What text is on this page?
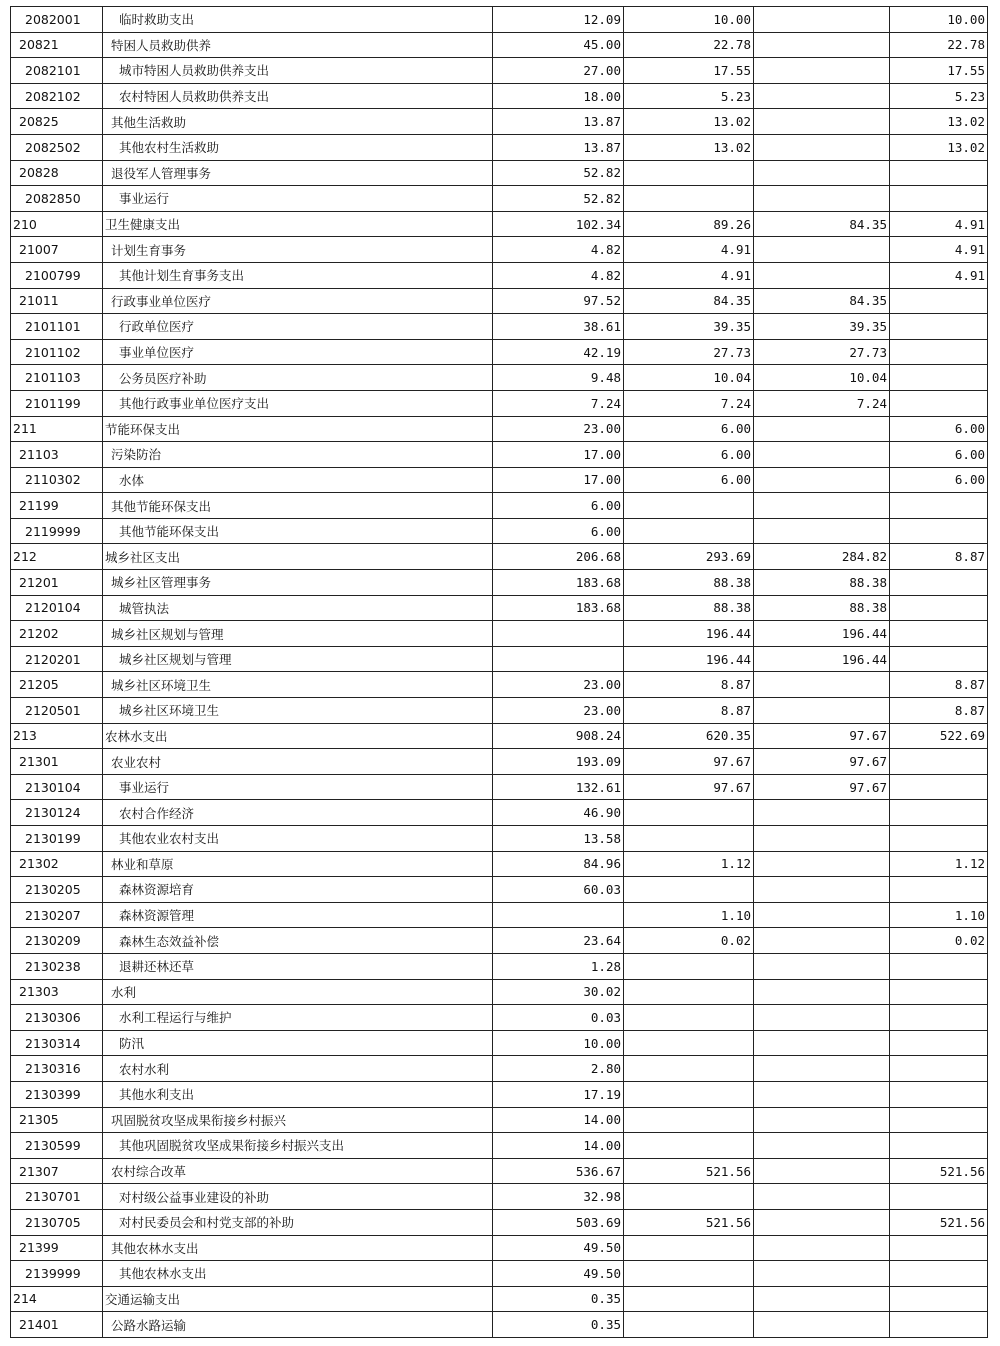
2082001	临时救助支出	12.09	10.00		10.00
20821	特困人员救助供养	45.00	22.78		22.78
2082101	城市特困人员救助供养支出	27.00	17.55		17.55
2082102	农村特困人员救助供养支出	18.00	5.23		5.23
20825	其他生活救助	13.87	13.02		13.02
2082502	其他农村生活救助	13.87	13.02		13.02
20828	退役军人管理事务	52.82			
2082850	事业运行	52.82			
210	卫生健康支出	102.34	89.26	84.35	4.91
21007	计划生育事务	4.82	4.91		4.91
2100799	其他计划生育事务支出	4.82	4.91		4.91
21011	行政事业单位医疗	97.52	84.35	84.35	
2101101	行政单位医疗	38.61	39.35	39.35	
2101102	事业单位医疗	42.19	27.73	27.73	
2101103	公务员医疗补助	9.48	10.04	10.04	
2101199	其他行政事业单位医疗支出	7.24	7.24	7.24	
211	节能环保支出	23.00	6.00		6.00
21103	污染防治	17.00	6.00		6.00
2110302	水体	17.00	6.00		6.00
21199	其他节能环保支出	6.00			
2119999	其他节能环保支出	6.00			
212	城乡社区支出	206.68	293.69	284.82	8.87
21201	城乡社区管理事务	183.68	88.38	88.38	
2120104	城管执法	183.68	88.38	88.38	
21202	城乡社区规划与管理		196.44	196.44	
2120201	城乡社区规划与管理		196.44	196.44	
21205	城乡社区环境卫生	23.00	8.87		8.87
2120501	城乡社区环境卫生	23.00	8.87		8.87
213	农林水支出	908.24	620.35	97.67	522.69
21301	农业农村	193.09	97.67	97.67	
2130104	事业运行	132.61	97.67	97.67	
2130124	农村合作经济	46.90			
2130199	其他农业农村支出	13.58			
21302	林业和草原	84.96	1.12		1.12
2130205	森林资源培育	60.03			
2130207	森林资源管理		1.10		1.10
2130209	森林生态效益补偿	23.64	0.02		0.02
2130238	退耕还林还草	1.28			
21303	水利	30.02			
2130306	水利工程运行与维护	0.03			
2130314	防汛	10.00			
2130316	农村水利	2.80			
2130399	其他水利支出	17.19			
21305	巩固脱贫攻坚成果衔接乡村振兴	14.00			
2130599	其他巩固脱贫攻坚成果衔接乡村振兴支出	14.00			
21307	农村综合改革	536.67	521.56		521.56
2130701	对村级公益事业建设的补助	32.98			
2130705	对村民委员会和村党支部的补助	503.69	521.56		521.56
21399	其他农林水支出	49.50			
2139999	其他农林水支出	49.50			
214	交通运输支出	0.35			
21401	公路水路运输	0.35			
